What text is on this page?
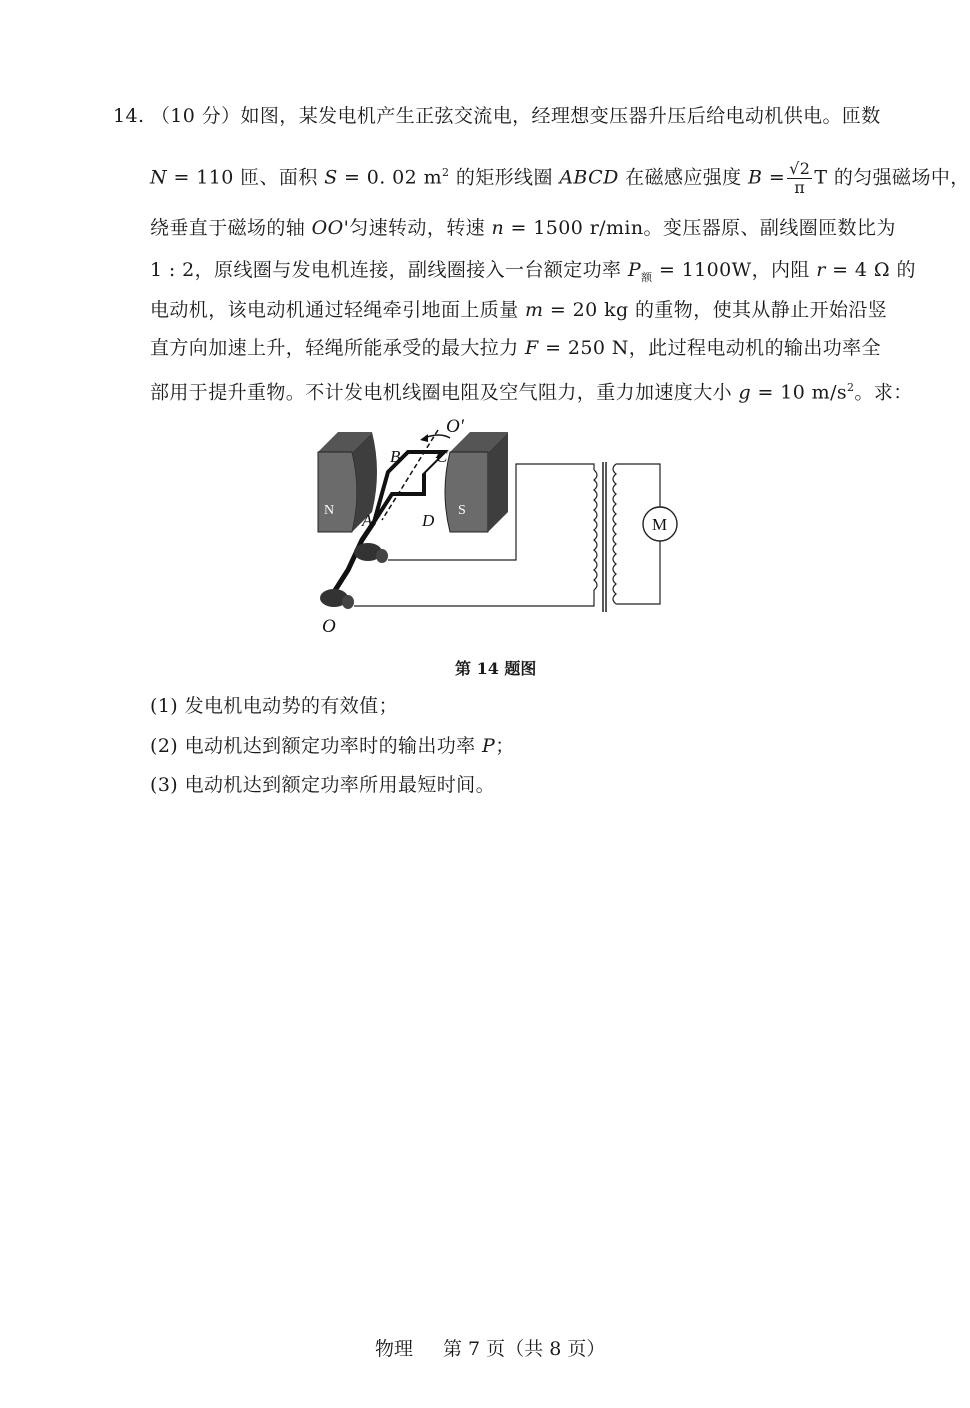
14. （10 分）如图，某发电机产生正弦交流电，经理想变压器升压后给电动机供电。匝数
N = 110 匝、面积 S = 0. 02 $m^2$ 的矩形线圈 ABCD 在磁感应强度 $B = \frac{√2}{\pi}$ T 的匀强磁场中，
绕垂直于磁场的轴 OO'匀速转动，转速 n = 1500 r/min。变压器原、副线圈匝数比为
1 : 2，原线圈与发电机连接，副线圈接入一台额定功率 $P_额 = 1100W$，内阻 r = 4 Ω 的
电动机，该电动机通过轻绳牵引地面上质量 m = 20 kg 的重物，使其从静止开始沿竖
直方向加速上升，轻绳所能承受的最大拉力 F = 250 N，此过程电动机的输出功率全
部用于提升重物。不计发电机线圈电阻及空气阻力，重力加速度大小 g = 10 $m/s^2$。求：
N	S
M
O'
B C
A	D
O
第 14 题图
(1) 发电机电动势的有效值；
(2) 电动机达到额定功率时的输出功率 P；
(3) 电动机达到额定功率所用最短时间。
物理 第 7 页（共 8 页）
